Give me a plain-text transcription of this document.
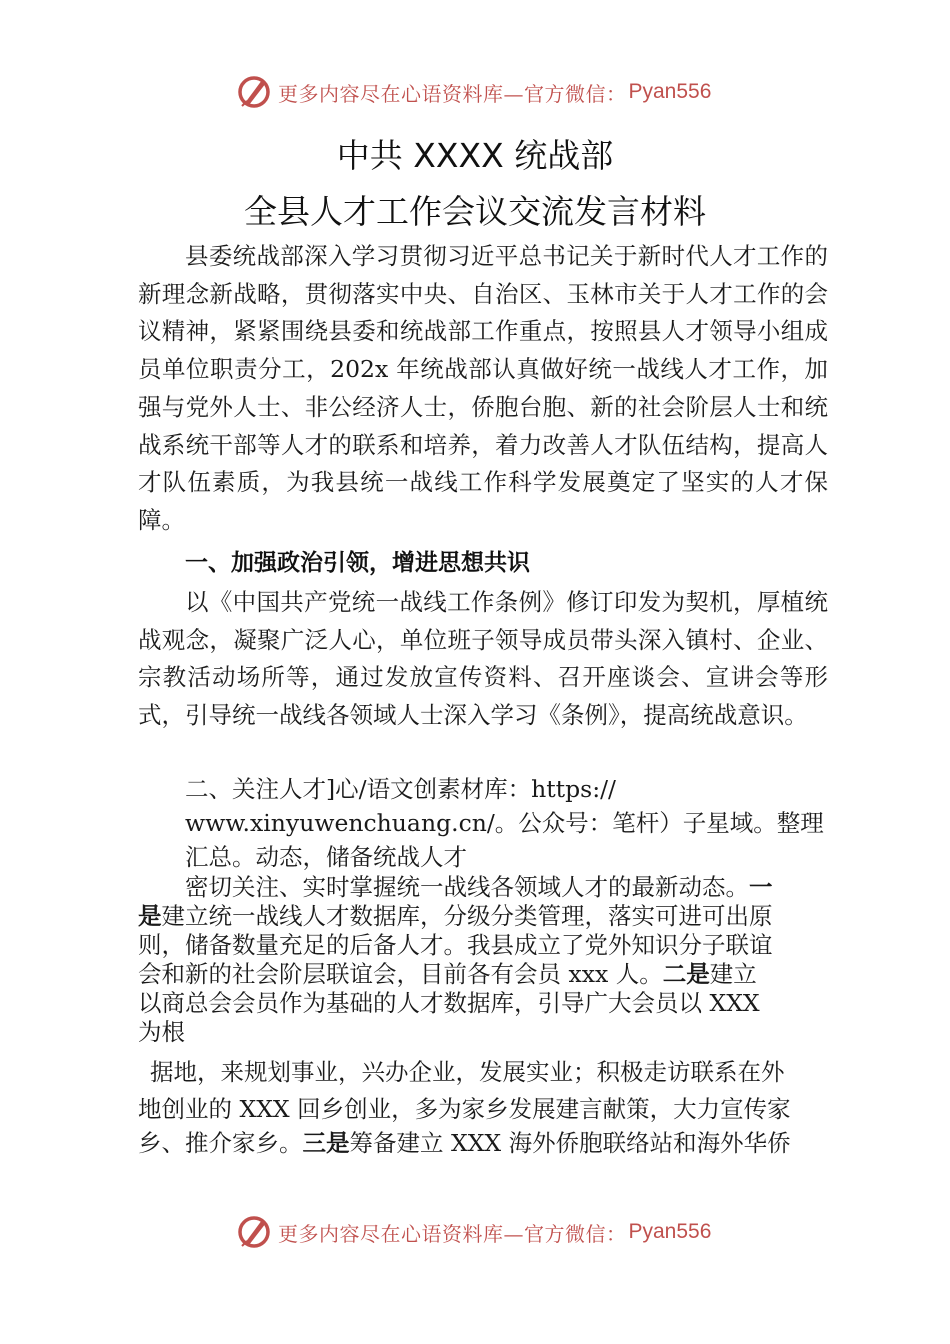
更多内容尽在心语资料库—官方微信： Pyan556
中共 XXXX 统战部
全县人才工作会议交流发言材料

县委统战部深入学习贯彻习近平总书记关于新时代人才工作的新理念新战略，贯彻落实中央、自治区、玉林市关于人才工作的会议精神，紧紧围绕县委和统战部工作重点，按照县人才领导小组成员单位职责分工，202x 年统战部认真做好统一战线人才工作，加强与党外人士、非公经济人士，侨胞台胞、新的社会阶层人士和统战系统干部等人才的联系和培养，着力改善人才队伍结构，提高人才队伍素质，为我县统一战线工作科学发展奠定了坚实的人才保障。

一、加强政治引领，增进思想共识

以《中国共产党统一战线工作条例》修订印发为契机，厚植统战观念，凝聚广泛人心，单位班子领导成员带头深入镇村、企业、宗教活动场所等，通过发放宣传资料、召开座谈会、宣讲会等形式，引导统一战线各领域人士深入学习《条例》，提高统战意识。

二、关注人才]心/语文创素材库：https://

www.xinyuwenchuang.cn/。公众号：笔杆）子星域。整理

汇总。动态，储备统战人才

密切关注、实时掌握统一战线各领域人才的最新动态。一

是建立统一战线人才数据库，分级分类管理，落实可进可出原

则，储备数量充足的后备人才。我县成立了党外知识分子联谊

会和新的社会阶层联谊会，目前各有会员 xxx 人。二是建立

以商总会会员作为基础的人才数据库，引导广大会员以 XXX

为根

据地，来规划事业，兴办企业，发展实业；积极走访联系在外

地创业的 XXX 回乡创业，多为家乡发展建言献策，大力宣传家

乡、推介家乡。三是筹备建立 XXX 海外侨胞联络站和海外华侨

更多内容尽在心语资料库—官方微信： Pyan556
